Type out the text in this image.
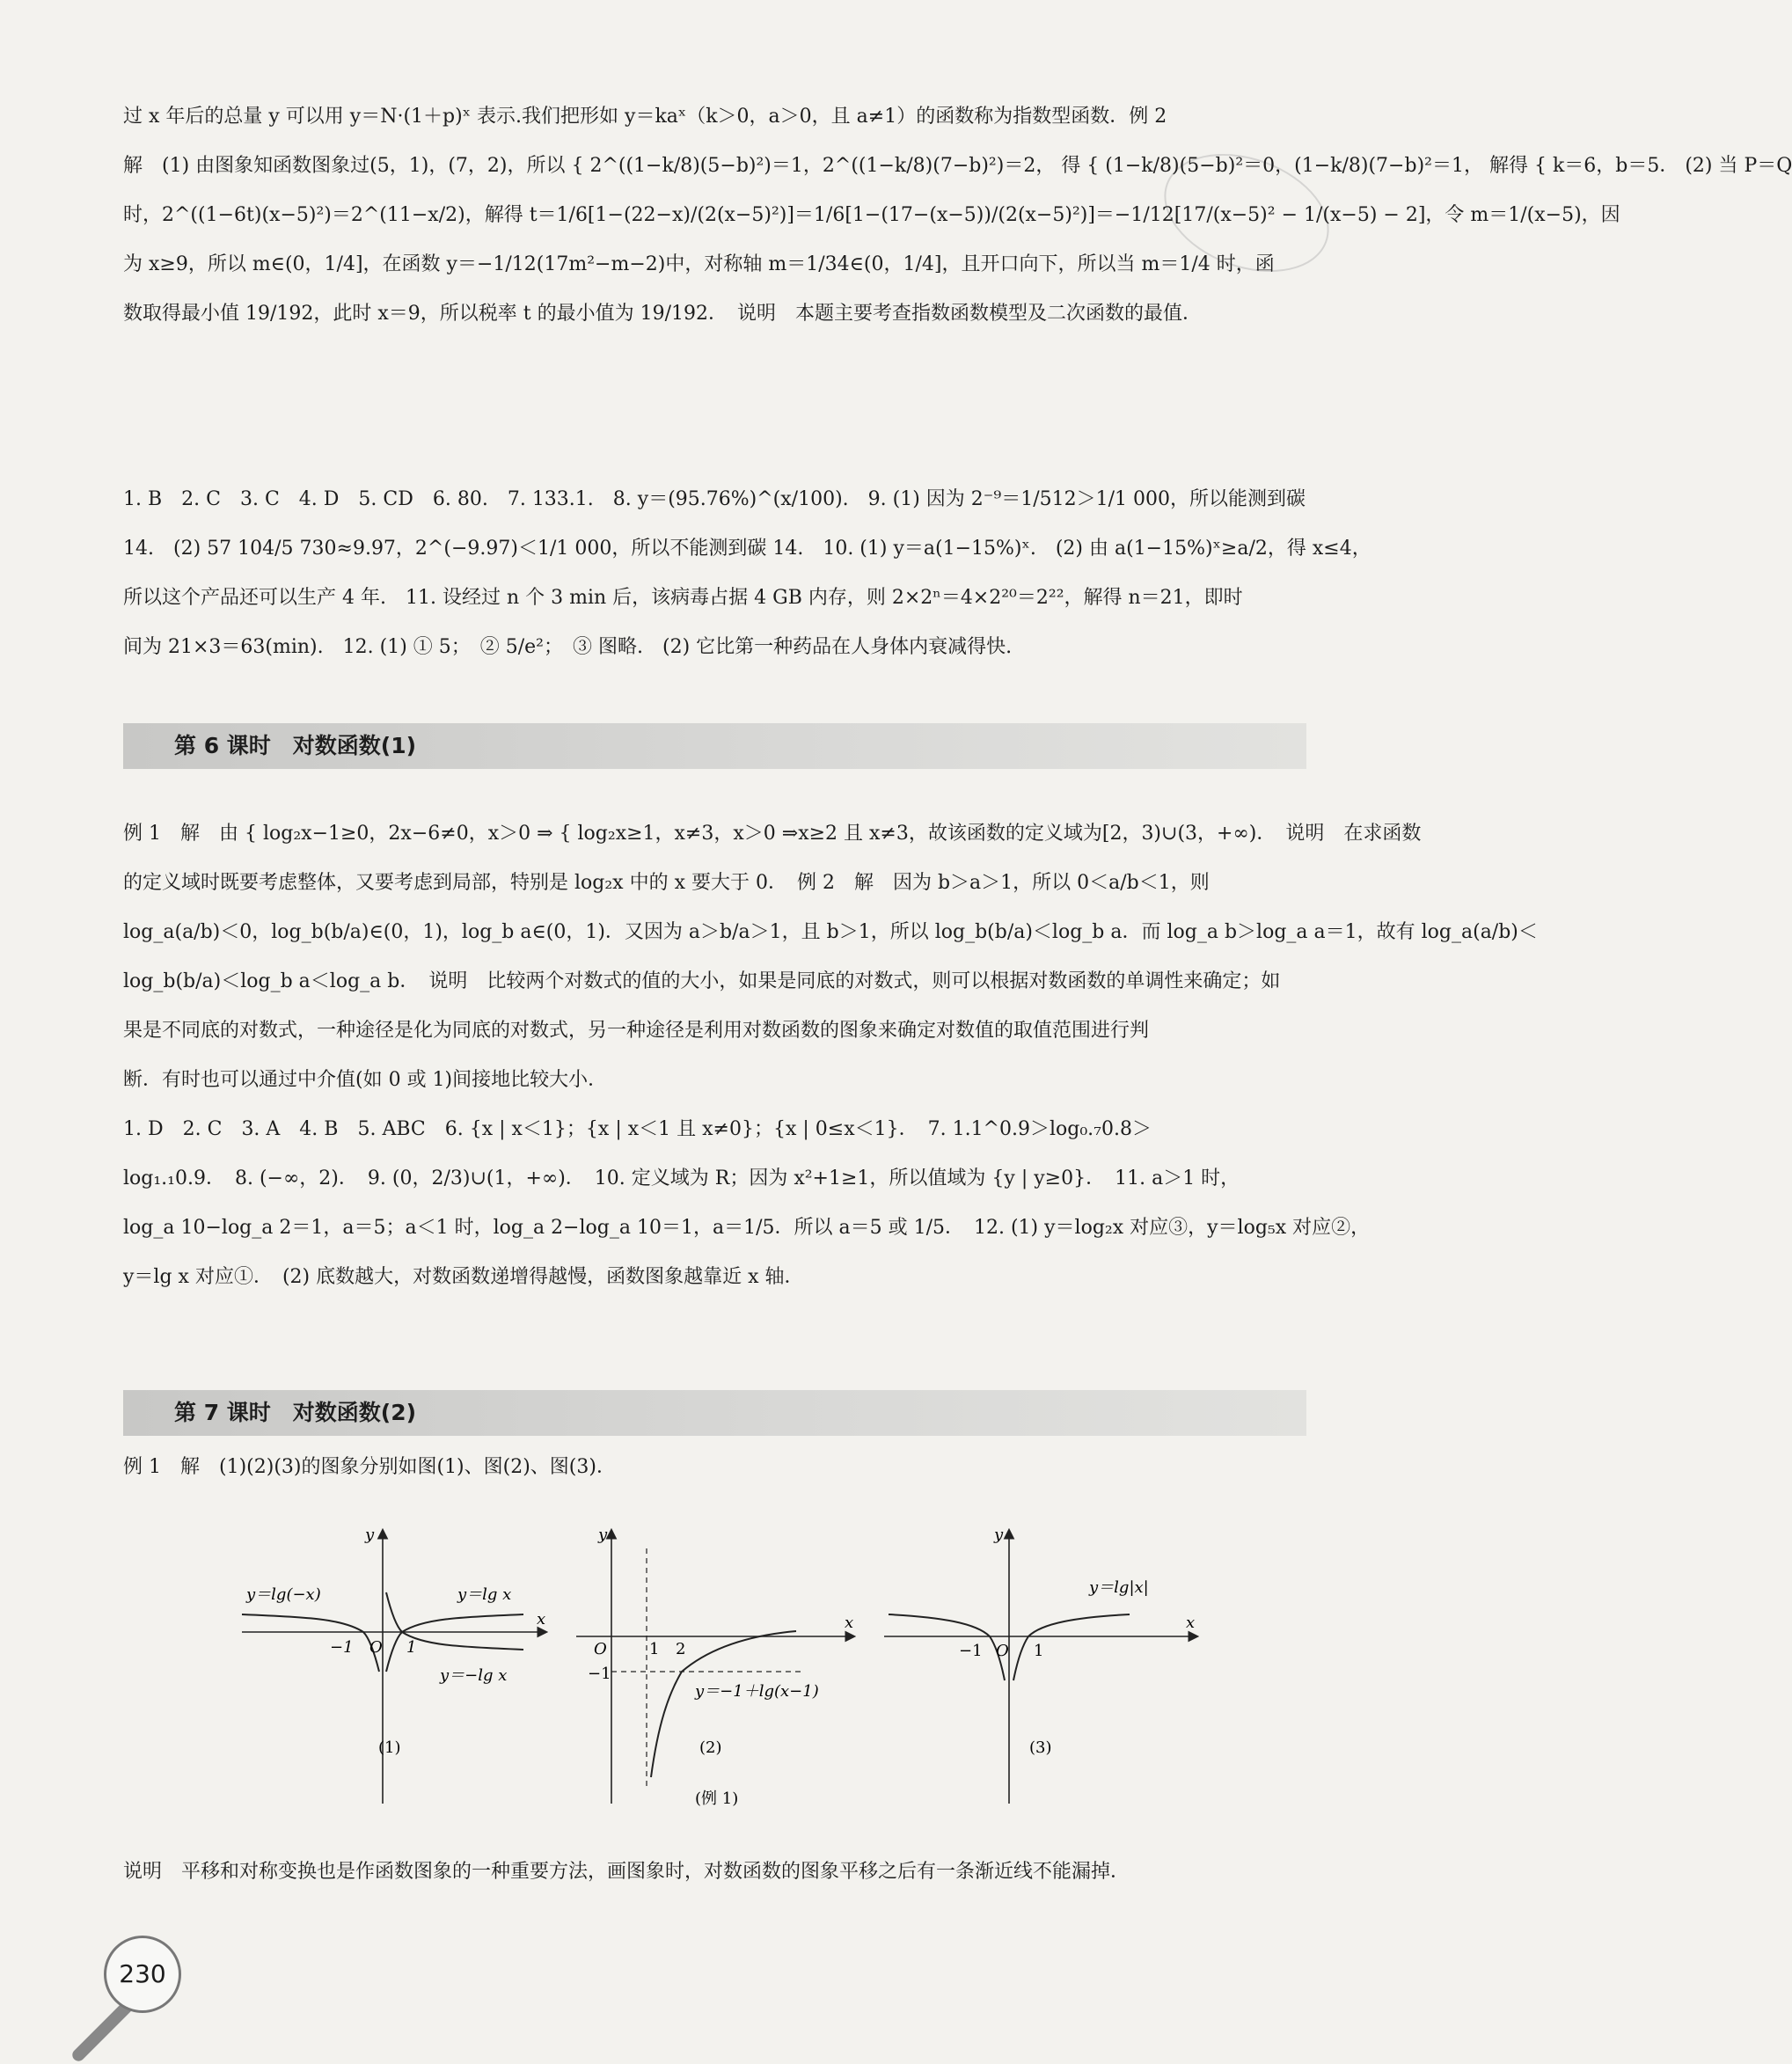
过 x 年后的总量 y 可以用 y＝N·(1＋p)ˣ 表示.我们把形如 y＝kaˣ（k＞0，a＞0，且 a≠1）的函数称为指数型函数．例 2
解　(1) 由图象知函数图象过(5，1)，(7，2)，所以 { 2^((1−k/8)(5−b)²)＝1，2^((1−k/8)(7−b)²)＝2， 得 { (1−k/8)(5−b)²＝0，(1−k/8)(7−b)²＝1， 解得 { k＝6，b＝5． (2) 当 P＝Q
时，2^((1−6t)(x−5)²)＝2^(11−x/2)，解得 t＝1/6[1−(22−x)/(2(x−5)²)]＝1/6[1−(17−(x−5))/(2(x−5)²)]＝−1/12[17/(x−5)² − 1/(x−5) − 2]，令 m＝1/(x−5)，因
为 x≥9，所以 m∈(0，1/4]，在函数 y＝−1/12(17m²−m−2)中，对称轴 m＝1/34∈(0，1/4]，且开口向下，所以当 m＝1/4 时，函
数取得最小值 19/192，此时 x＝9，所以税率 t 的最小值为 19/192．　说明　本题主要考查指数函数模型及二次函数的最值．
1. B　2. C　3. C　4. D　5. CD　6. 80.　7. 133.1.　8. y＝(95.76%)^(x/100).　9. (1) 因为 2⁻⁹＝1/512＞1/1 000，所以能测到碳
14.　(2) 57 104/5 730≈9.97，2^(−9.97)＜1/1 000，所以不能测到碳 14.　10. (1) y＝a(1−15%)ˣ.　(2) 由 a(1−15%)ˣ≥a/2，得 x≤4，
所以这个产品还可以生产 4 年.　11. 设经过 n 个 3 min 后，该病毒占据 4 GB 内存，则 2×2ⁿ＝4×2²⁰＝2²²，解得 n＝21，即时
间为 21×3＝63(min).　12. (1) ① 5；　② 5/e²；　③ 图略.　(2) 它比第一种药品在人身体内衰减得快.
第 6 课时　对数函数(1)
例 1　解　由 { log₂x−1≥0，2x−6≠0，x＞0 ⇒ { log₂x≥1，x≠3，x＞0 ⇒x≥2 且 x≠3，故该函数的定义域为[2，3)∪(3，+∞)．　说明　在求函数
的定义域时既要考虑整体，又要考虑到局部，特别是 log₂x 中的 x 要大于 0．　例 2　解　因为 b＞a＞1，所以 0＜a/b＜1，则
log_a(a/b)＜0，log_b(b/a)∈(0，1)，log_b a∈(0，1)．又因为 a＞b/a＞1，且 b＞1，所以 log_b(b/a)＜log_b a．而 log_a b＞log_a a＝1，故有 log_a(a/b)＜
log_b(b/a)＜log_b a＜log_a b．　说明　比较两个对数式的值的大小，如果是同底的对数式，则可以根据对数函数的单调性来确定；如
果是不同底的对数式，一种途径是化为同底的对数式，另一种途径是利用对数函数的图象来确定对数值的取值范围进行判
断．有时也可以通过中介值(如 0 或 1)间接地比较大小．
1. D　2. C　3. A　4. B　5. ABC　6. {x | x＜1}；{x | x＜1 且 x≠0}；{x | 0≤x＜1}．　7. 1.1^0.9＞log₀.₇0.8＞
log₁.₁0.9．　8. (−∞，2)．　9. (0，2/3)∪(1，+∞)．　10. 定义域为 R；因为 x²+1≥1，所以值域为 {y | y≥0}．　11. a＞1 时，
log_a 10−log_a 2＝1，a＝5；a＜1 时，log_a 2−log_a 10＝1，a＝1/5．所以 a＝5 或 1/5．　12. (1) y＝log₂x 对应③，y＝log₅x 对应②，
y＝lg x 对应①．　(2) 底数越大，对数函数递增得越慢，函数图象越靠近 x 轴．
第 7 课时　对数函数(2)
例 1　解　(1)(2)(3)的图象分别如图(1)、图(2)、图(3)．
y＝lg(−x)	y＝lg x
y＝−lg x
y
x
O
−1	1
(1)
y
x
O	1 2
−1
y＝−1＋lg(x−1)
(2)
y
x
O
−1	1
y＝lg|x|
(3)
(例 1)
说明　平移和对称变换也是作函数图象的一种重要方法，画图象时，对数函数的图象平移之后有一条渐近线不能漏掉．
230
